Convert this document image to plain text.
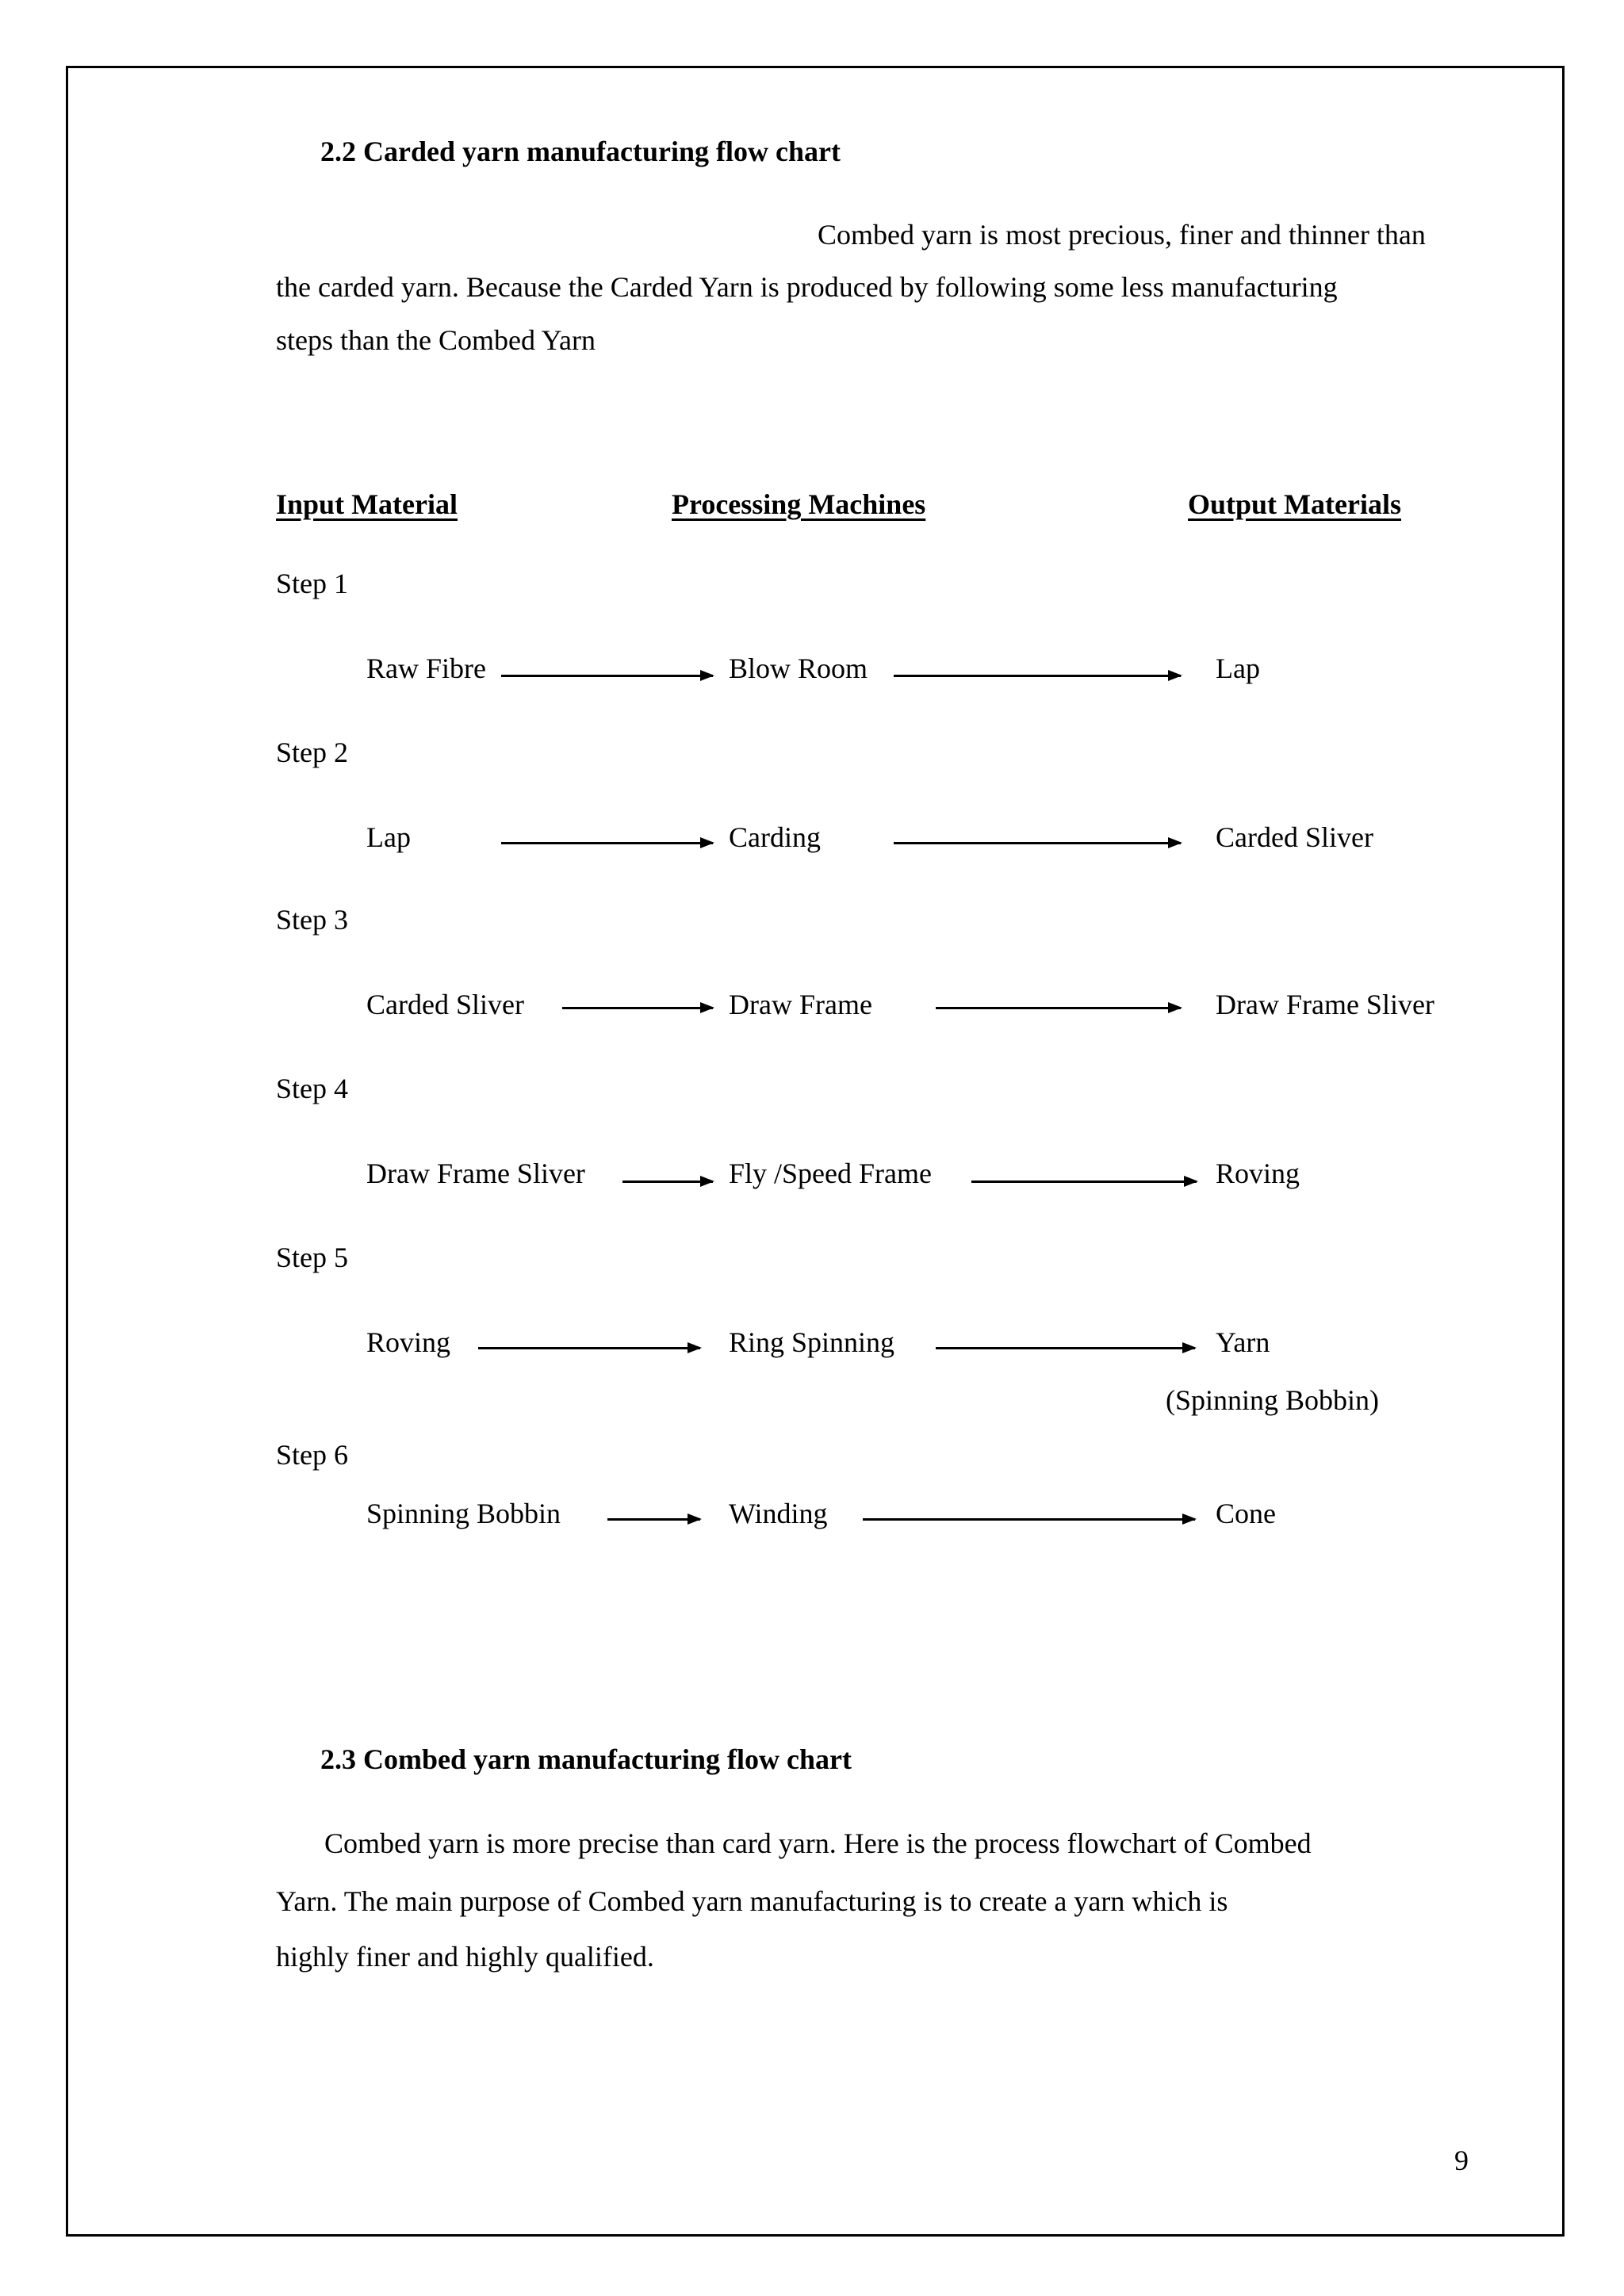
2.2 Carded yarn manufacturing flow chart
Combed yarn is most precious, finer and thinner than
the carded yarn. Because the Carded Yarn is produced by following some less manufacturing
steps than the Combed Yarn
Input Material	Processing Machines	Output Materials
Step 1
Raw Fibre	Blow Room	Lap
Step 2
Lap	Carding	Carded Sliver
Step 3
Carded Sliver	Draw Frame	Draw Frame Sliver
Step 4
Draw Frame Sliver	Fly /Speed Frame	Roving
Step 5
Roving	Ring Spinning	Yarn
(Spinning Bobbin)
Step 6
Spinning Bobbin	Winding	Cone
2.3 Combed yarn manufacturing flow chart
Combed yarn is more precise than card yarn. Here is the process flowchart of Combed
Yarn. The main purpose of Combed yarn manufacturing is to create a yarn which is
highly finer and highly qualified.
9
